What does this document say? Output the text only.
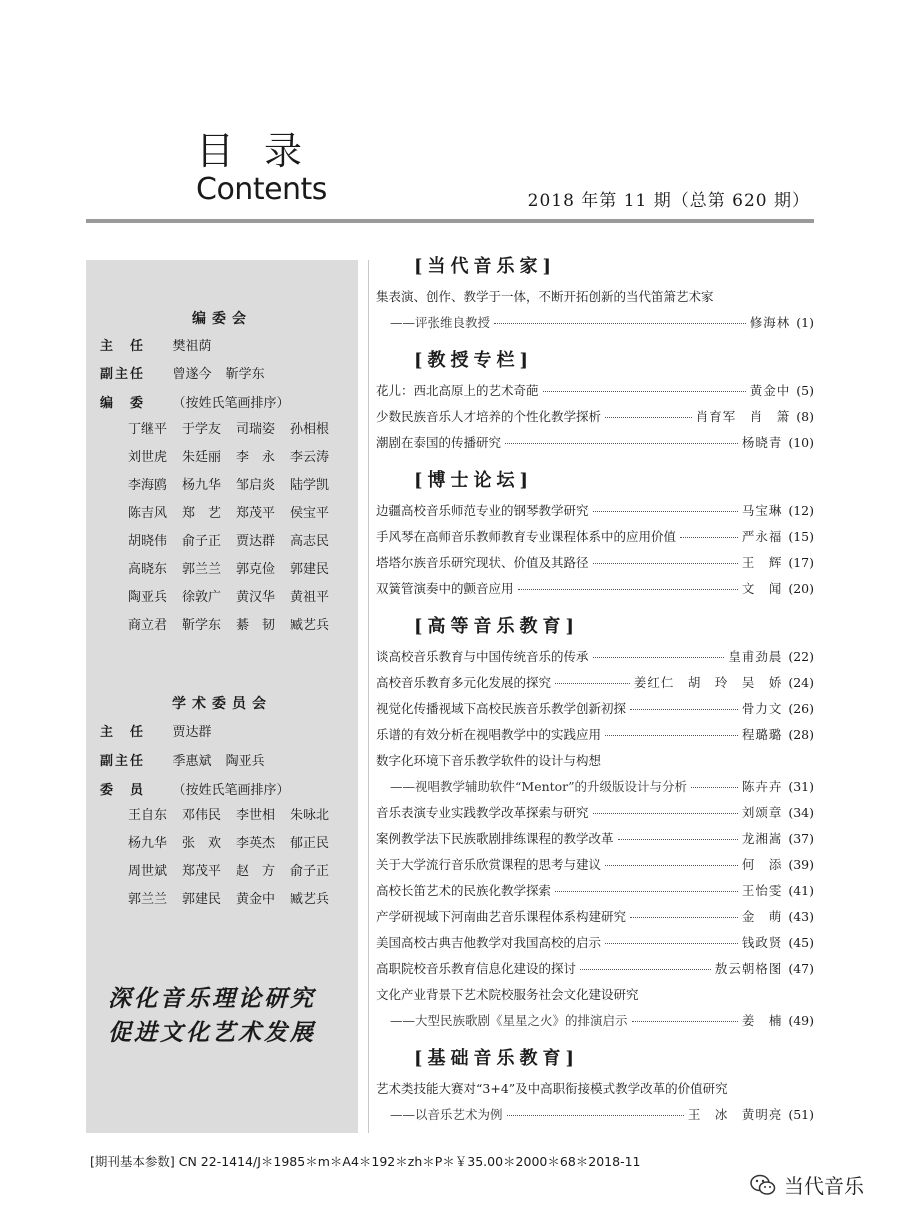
目录
Contents	2018 年第 11 期（总第 620 期）
编委会
主　任 樊祖荫
副主任 曾遂今 靳学东
编　委 （按姓氏笔画排序）
丁继平	于学友	司瑞姿	孙相根
刘世虎	朱廷丽	李　永	李云涛
李海鸥	杨九华	邹启炎	陆学凯
陈吉风	郑　艺	郑茂平	侯宝平
胡晓伟	俞子正	贾达群	高志民
高晓东	郭兰兰	郭克俭	郭建民
陶亚兵	徐敦广	黄汉华	黄祖平
商立君	靳学东	綦　韧	臧艺兵
学术委员会
主　任 贾达群
副主任 季惠斌 陶亚兵
委　员 （按姓氏笔画排序）
王自东	邓伟民	李世相	朱咏北
杨九华	张　欢	李英杰	郁正民
周世斌	郑茂平	赵　方	俞子正
郭兰兰	郭建民	黄金中	臧艺兵
深化音乐理论研究
促进文化艺术发展
[当代音乐家]
集表演、创作、教学于一体，不断开拓创新的当代笛箫艺术家
——评张维良教授	修海林 (1)
[教授专栏]
花儿：西北高原上的艺术奇葩	黄金中 (5)
少数民族音乐人才培养的个性化教学探析	肖育军　肖　箫 (8)
潮剧在泰国的传播研究	杨晓青 (10)
[博士论坛]
边疆高校音乐师范专业的钢琴教学研究	马宝琳 (12)
手风琴在高师音乐教师教育专业课程体系中的应用价值	严永福 (15)
塔塔尔族音乐研究现状、价值及其路径	王　辉 (17)
双簧管演奏中的颤音应用	文　闻 (20)
[高等音乐教育]
谈高校音乐教育与中国传统音乐的传承	皇甫劲晨 (22)
高校音乐教育多元化发展的探究	姜红仁　胡　玲　吴　娇 (24)
视觉化传播视域下高校民族音乐教学创新初探	骨力文 (26)
乐谱的有效分析在视唱教学中的实践应用	程璐璐 (28)
数字化环境下音乐教学软件的设计与构想
——视唱教学辅助软件“Mentor”的升级版设计与分析	陈卉卉 (31)
音乐表演专业实践教学改革探索与研究	刘颂章 (34)
案例教学法下民族歌剧排练课程的教学改革	龙湘嵩 (37)
关于大学流行音乐欣赏课程的思考与建议	何　添 (39)
高校长笛艺术的民族化教学探索	王怡雯 (41)
产学研视域下河南曲艺音乐课程体系构建研究	金　萌 (43)
美国高校古典吉他教学对我国高校的启示	钱政贤 (45)
高职院校音乐教育信息化建设的探讨	敖云朝格图 (47)
文化产业背景下艺术院校服务社会文化建设研究
——大型民族歌剧《星星之火》的排演启示	姜　楠 (49)
[基础音乐教育]
艺术类技能大赛对“3+4”及中高职衔接模式教学改革的价值研究
——以音乐艺术为例	王　冰　黄明亮 (51)
[期刊基本参数] CN 22-1414/J＊1985＊m＊A4＊192＊zh＊P＊￥35.00＊2000＊68＊2018-11
当代音乐
